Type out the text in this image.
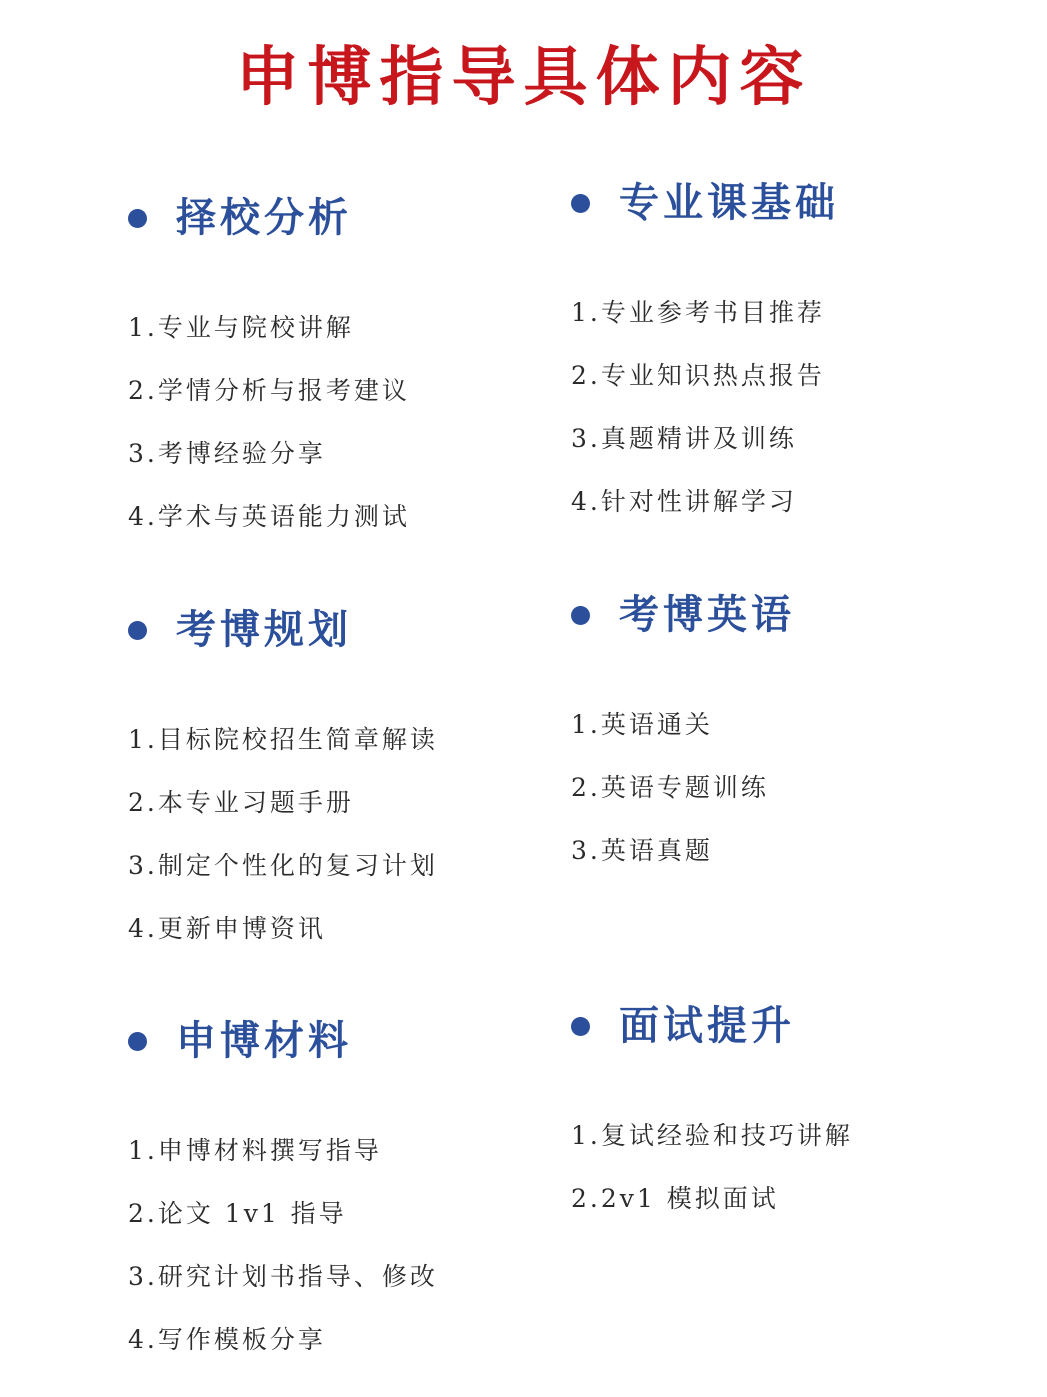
申博指导具体内容
择校分析
1.专业与院校讲解
2.学情分析与报考建议
3.考博经验分享
4.学术与英语能力测试
专业课基础
1.专业参考书目推荐
2.专业知识热点报告
3.真题精讲及训练
4.针对性讲解学习
考博规划
1.目标院校招生简章解读
2.本专业习题手册
3.制定个性化的复习计划
4.更新申博资讯
考博英语
1.英语通关
2.英语专题训练
3.英语真题
申博材料
1.申博材料撰写指导
2.论文 1v1 指导
3.研究计划书指导、修改
4.写作模板分享
面试提升
1.复试经验和技巧讲解
2.2v1 模拟面试
